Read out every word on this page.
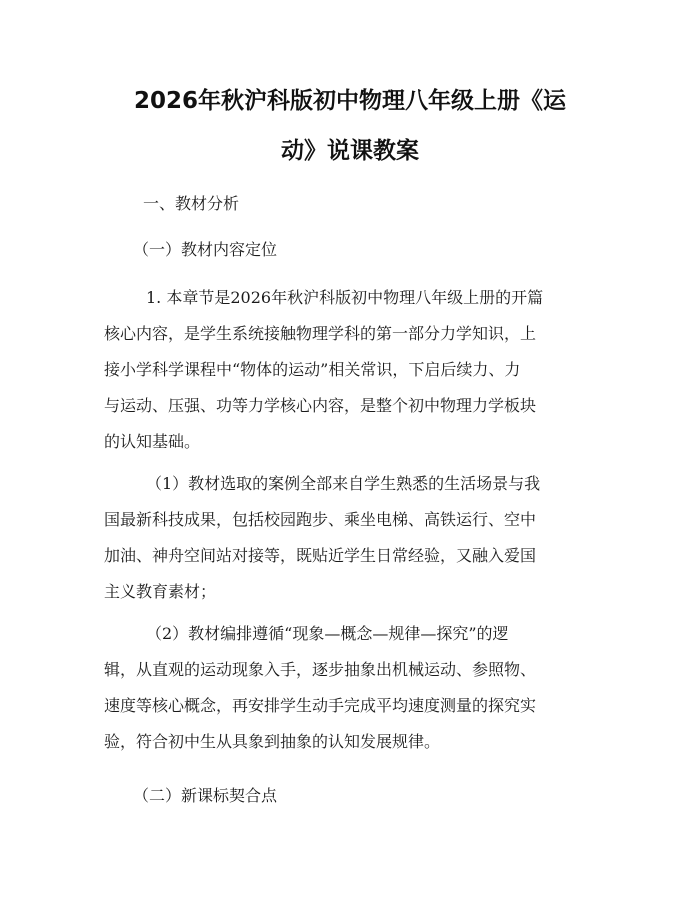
2026年秋沪科版初中物理八年级上册《运
动》说课教案
一、教材分析
（一）教材内容定位
1. 本章节是2026年秋沪科版初中物理八年级上册的开篇
核心内容，是学生系统接触物理学科的第一部分力学知识，上
接小学科学课程中“物体的运动”相关常识，下启后续力、力
与运动、压强、功等力学核心内容，是整个初中物理力学板块
的认知基础。
（1）教材选取的案例全部来自学生熟悉的生活场景与我
国最新科技成果，包括校园跑步、乘坐电梯、高铁运行、空中
加油、神舟空间站对接等，既贴近学生日常经验，又融入爱国
主义教育素材；
（2）教材编排遵循“现象—概念—规律—探究”的逻
辑，从直观的运动现象入手，逐步抽象出机械运动、参照物、
速度等核心概念，再安排学生动手完成平均速度测量的探究实
验，符合初中生从具象到抽象的认知发展规律。
（二）新课标契合点
